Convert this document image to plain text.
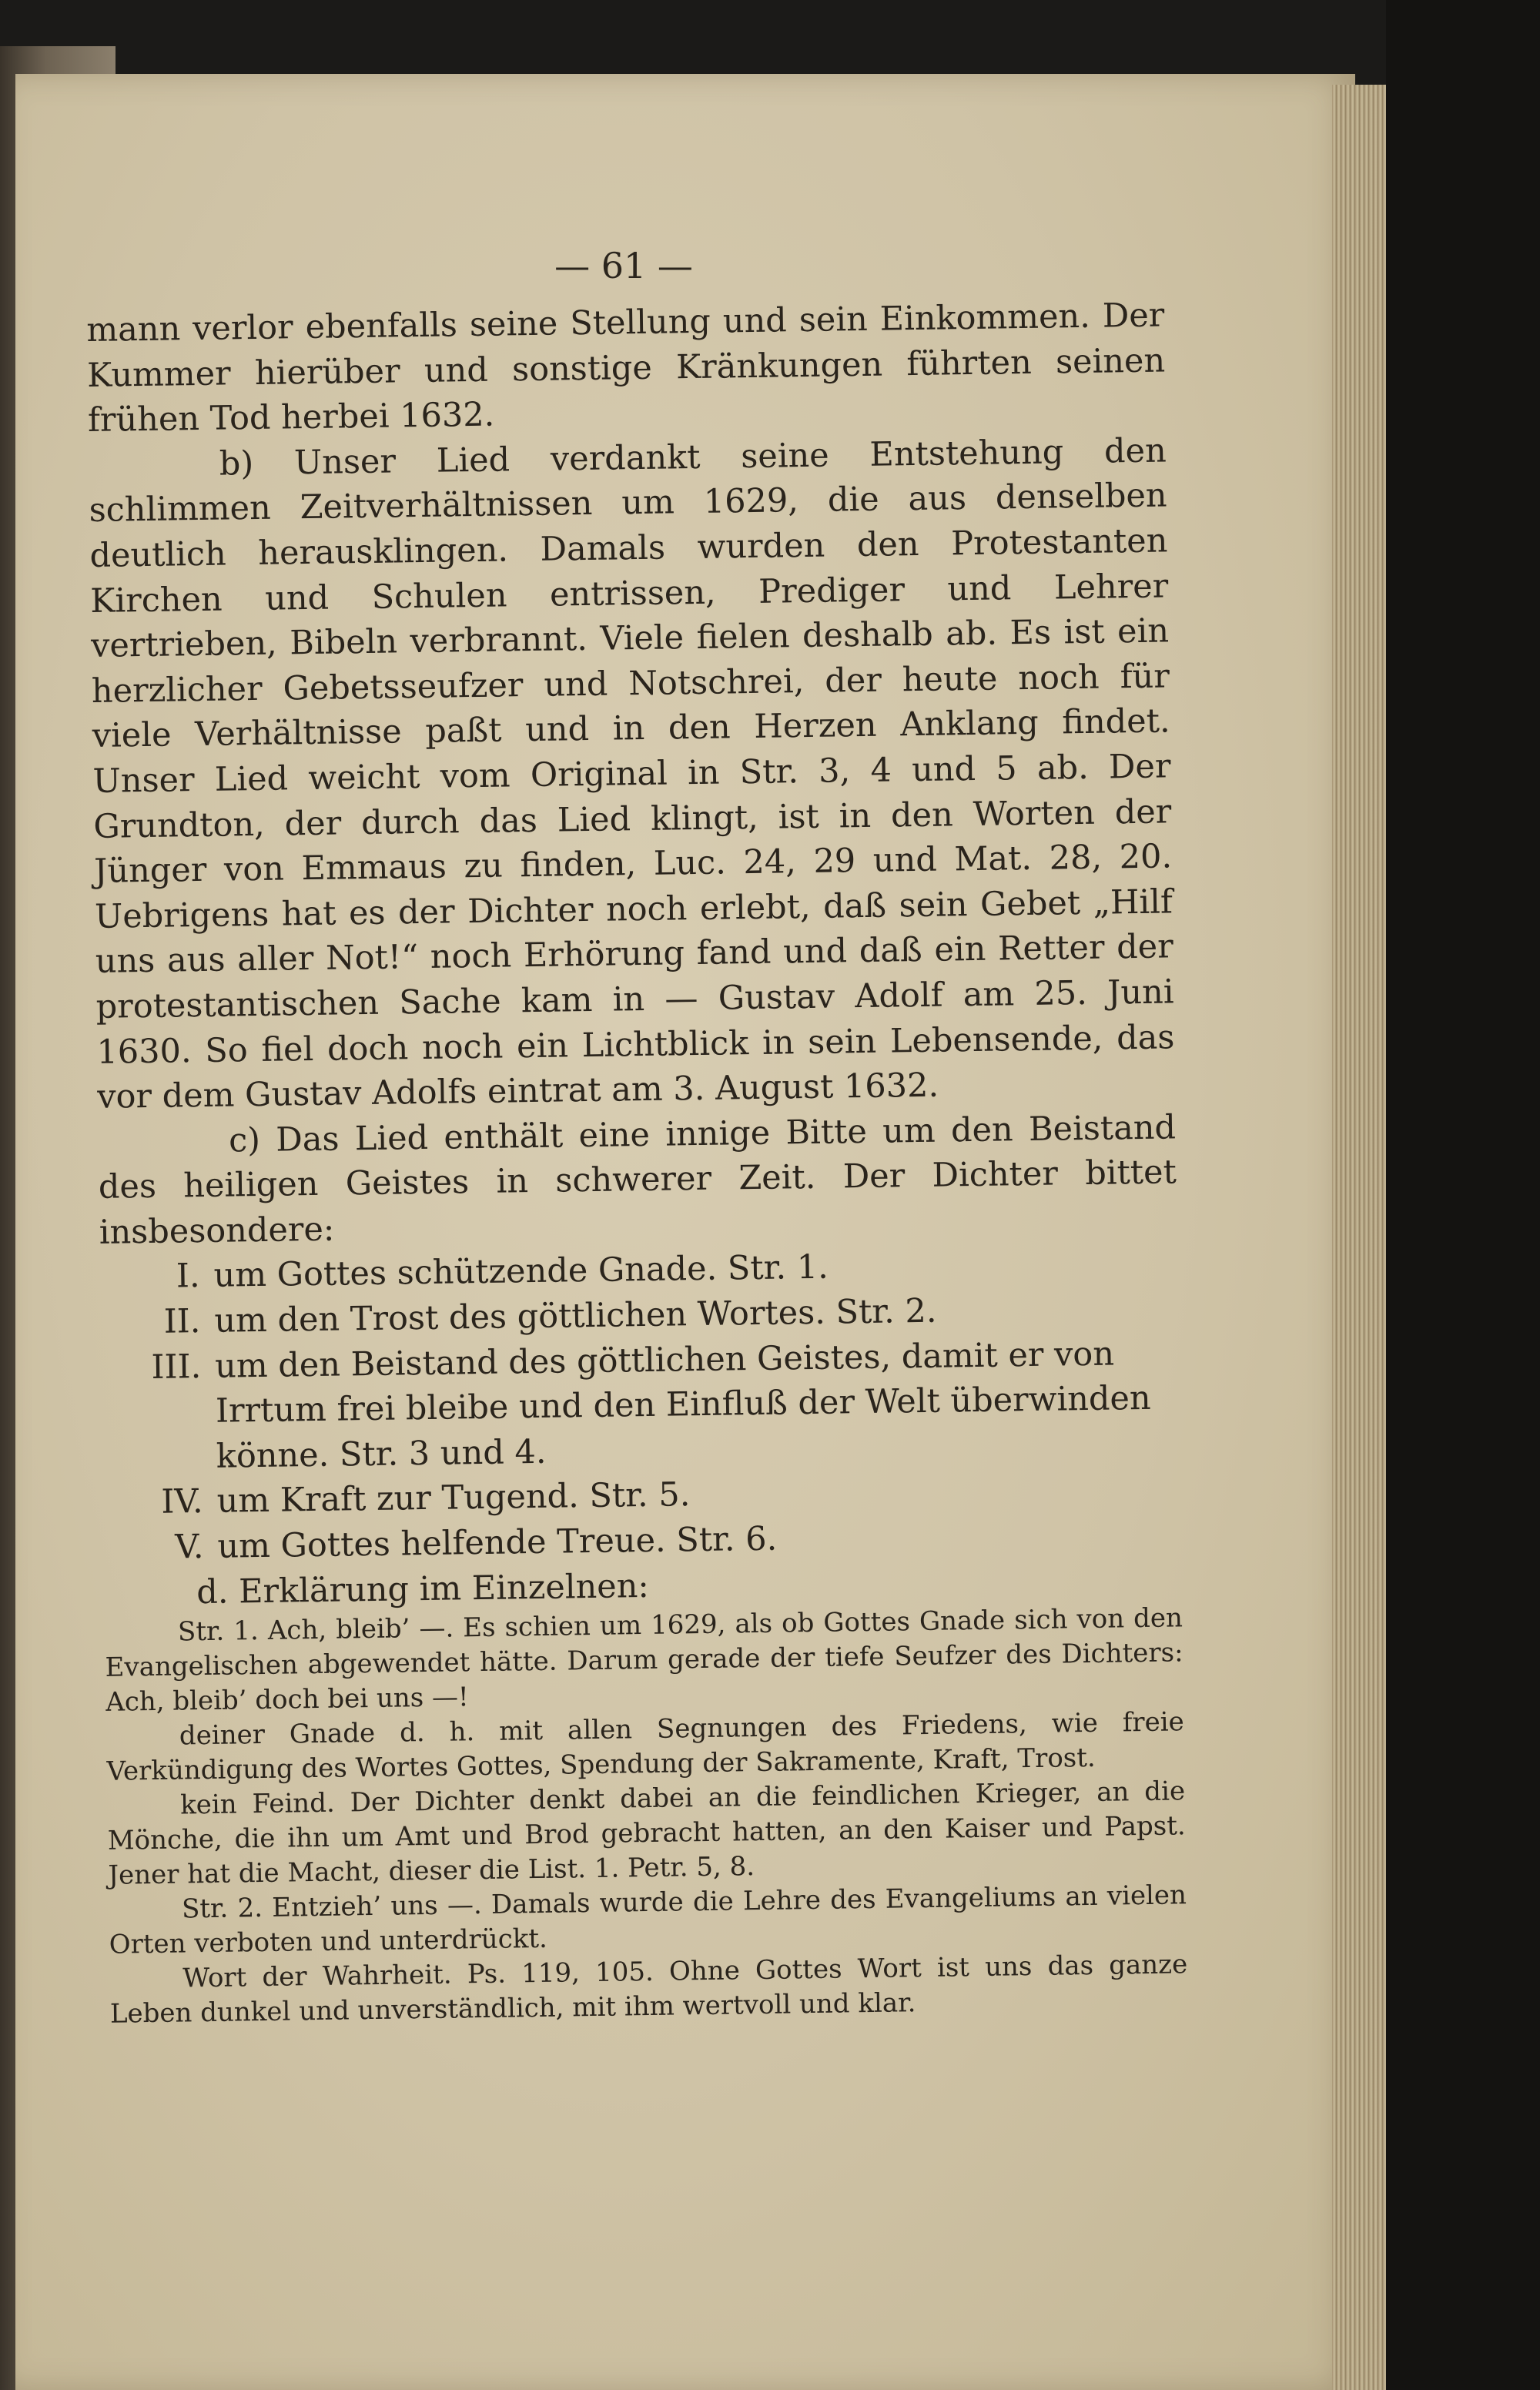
— 61 —

mann verlor ebenfalls seine Stellung und sein Einkommen. Der Kummer hierüber und sonstige Kränkungen führten seinen frühen Tod herbei 1632.

b) Unser Lied verdankt seine Entstehung den schlimmen Zeitverhältnissen um 1629, die aus denselben deutlich herausklingen. Damals wurden den Protestanten Kirchen und Schulen entrissen, Prediger und Lehrer vertrieben, Bibeln verbrannt. Viele fielen deshalb ab. Es ist ein herzlicher Gebetsseufzer und Notschrei, der heute noch für viele Verhältnisse paßt und in den Herzen Anklang findet. Unser Lied weicht vom Original in Str. 3, 4 und 5 ab. Der Grundton, der durch das Lied klingt, ist in den Worten der Jünger von Emmaus zu finden, Luc. 24, 29 und Mat. 28, 20. Uebrigens hat es der Dichter noch erlebt, daß sein Gebet „Hilf uns aus aller Not!“ noch Erhörung fand und daß ein Retter der protestantischen Sache kam in — Gustav Adolf am 25. Juni 1630. So fiel doch noch ein Lichtblick in sein Lebensende, das vor dem Gustav Adolfs eintrat am 3. August 1632.

c) Das Lied enthält eine innige Bitte um den Beistand des heiligen Geistes in schwerer Zeit. Der Dichter bittet insbesondere:

I. um Gottes schützende Gnade. Str. 1.
II. um den Trost des göttlichen Wortes. Str. 2.
III. um den Beistand des göttlichen Geistes, damit er von Irrtum frei bleibe und den Einfluß der Welt überwinden könne. Str. 3 und 4.
IV. um Kraft zur Tugend. Str. 5.
V. um Gottes helfende Treue. Str. 6.

d. Erklärung im Einzelnen:

Str. 1. Ach, bleib’ —. Es schien um 1629, als ob Gottes Gnade sich von den Evangelischen abgewendet hätte. Darum gerade der tiefe Seufzer des Dichters: Ach, bleib’ doch bei uns —!

deiner Gnade d. h. mit allen Segnungen des Friedens, wie freie Verkündigung des Wortes Gottes, Spendung der Sakramente, Kraft, Trost.

kein Feind. Der Dichter denkt dabei an die feindlichen Krieger, an die Mönche, die ihn um Amt und Brod gebracht hatten, an den Kaiser und Papst. Jener hat die Macht, dieser die List. 1. Petr. 5, 8.

Str. 2. Entzieh’ uns —. Damals wurde die Lehre des Evangeliums an vielen Orten verboten und unterdrückt.

Wort der Wahrheit. Ps. 119, 105. Ohne Gottes Wort ist uns das ganze Leben dunkel und unverständlich, mit ihm wertvoll und klar.
